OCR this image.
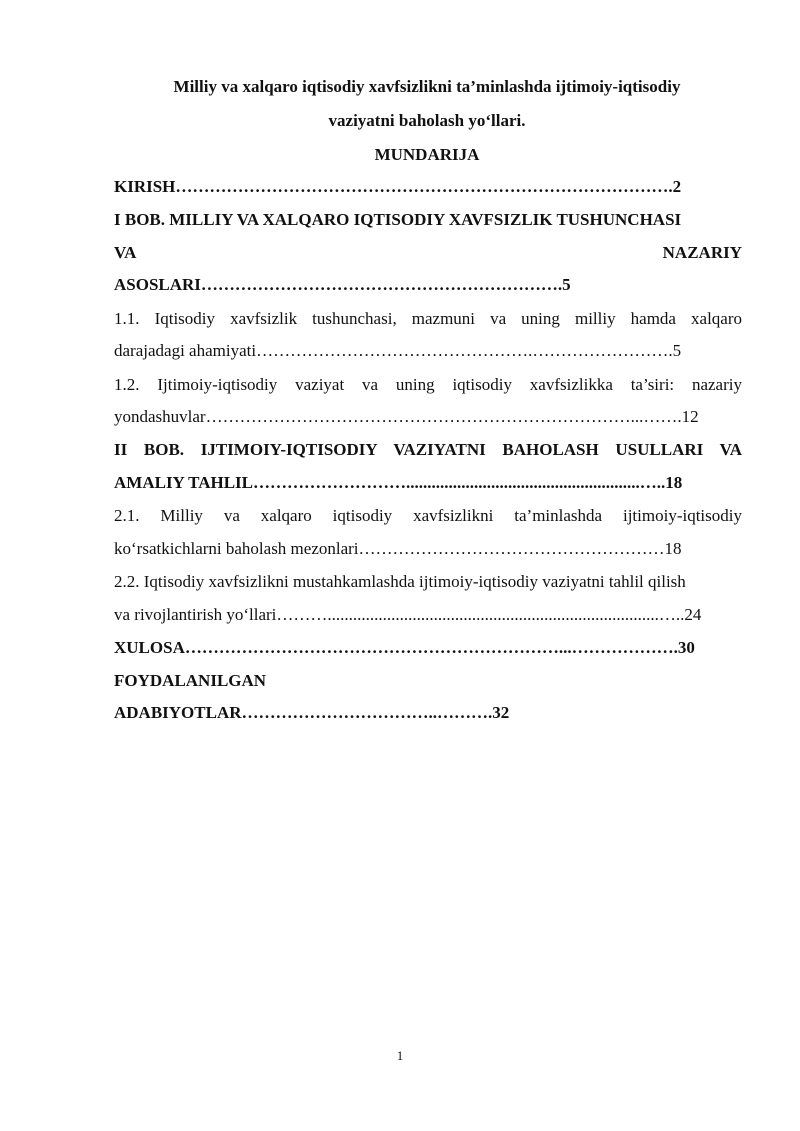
Milliy va xalqaro iqtisodiy xavfsizlikni ta’minlashda ijtimoiy-iqtisodiy
vaziyatni baholash yo‘llari.
MUNDARIJA
KIRISH…………………………………………………………………………….2
I BOB. MILLIY VA XALQARO IQTISODIY XAVFSIZLIK TUSHUNCHASI
VA	NAZARIY
ASOSLARI……………………………………………………….5
1.1. Iqtisodiy xavfsizlik tushunchasi, mazmuni va uning milliy hamda xalqaro
darajadagi ahamiyati………………………………………….…………………….5
1.2. Ijtimoiy-iqtisodiy vaziyat va uning iqtisodiy xavfsizlikka ta’siri: nazariy
yondashuvlar…………………………………………………………………...…….12
II BOB. IJTIMOIY-IQTISODIY VAZIYATNI BAHOLASH USULLARI VA
AMALIY TAHLIL……………………….......................................................…..18
2.1. Milliy va xalqaro iqtisodiy xavfsizlikni ta’minlashda ijtimoiy-iqtisodiy
ko‘rsatkichlarni baholash mezonlari………………………………………………18
2.2. Iqtisodiy xavfsizlikni mustahkamlashda ijtimoiy-iqtisodiy vaziyatni tahlil qilish
va rivojlantirish yo‘llari………..............................................................................…..24
XULOSA…………………………………………………………...……………….30
FOYDALANILGAN
ADABIYOTLAR……………………………..……….32
1
